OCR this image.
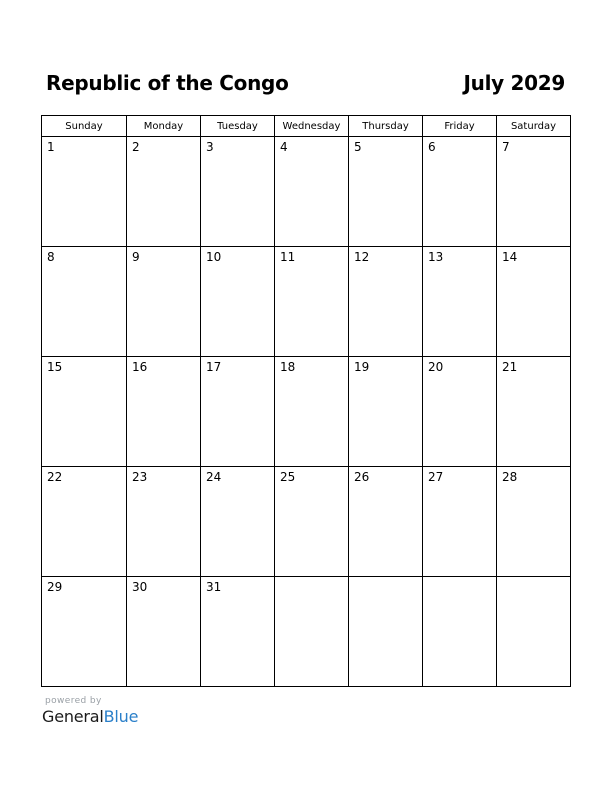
Republic of the Congo	July 2029
Sunday	Monday	Tuesday	Wednesday	Thursday	Friday	Saturday

1	2	3	4	5	6	7

8	9	10	11	12	13	14

15	16	17	18	19	20	21

22	23	24	25	26	27	28

29	30	31				

powered by
GeneralBlue
